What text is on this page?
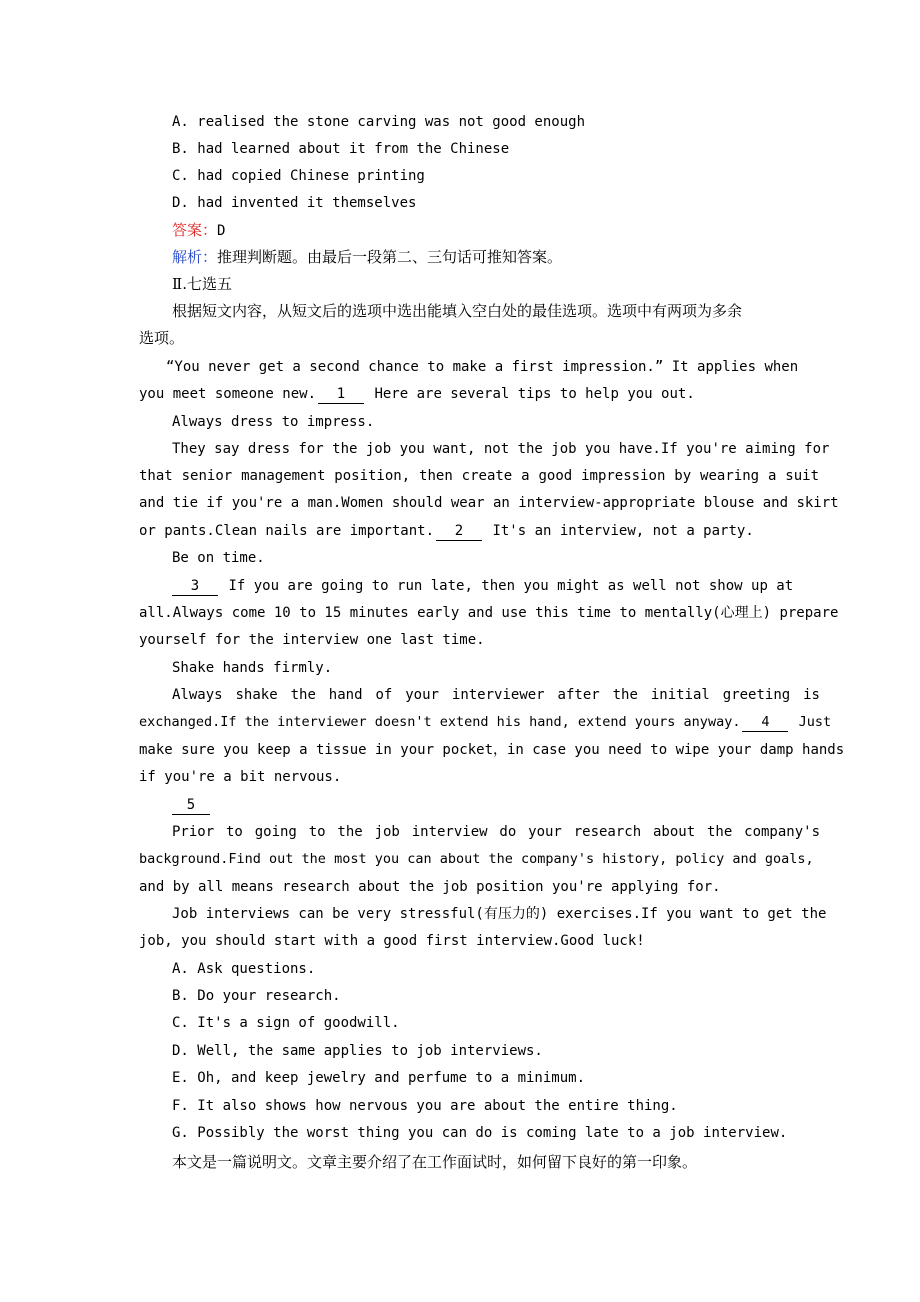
A. realised the stone carving was not good enough
B. had learned about it from the Chinese
C. had copied Chinese printing
D. had invented it themselves
答案：D
解析：推理判断题。由最后一段第二、三句话可推知答案。
Ⅱ.七选五
根据短文内容，从短文后的选项中选出能填入空白处的最佳选项。选项中有两项为多余
选项。
“You never get a second chance to make a first impression.” It applies when
you meet someone new. 1 Here are several tips to help you out.
Always dress to impress.
They say dress for the job you want, not the job you have.If you're aiming for
that senior management position, then create a good impression by wearing a suit
and tie if you're a man.Women should wear an interview-appropriate blouse and skirt
or pants.Clean nails are important. 2 It's an interview, not a party.
Be on time.
3 If you are going to run late, then you might as well not show up at
all.Always come 10 to 15 minutes early and use this time to mentally(心理上) prepare
yourself for the interview one last time.
Shake hands firmly.
Always shake the hand of your interviewer after the initial greeting is
exchanged.If the interviewer doesn't extend his hand, extend yours anyway. 4 Just
make sure you keep a tissue in your pocket，in case you need to wipe your damp hands
if you're a bit nervous.
5
Prior to going to the job interview do your research about the company's
background.Find out the most you can about the company's history, policy and goals,
and by all means research about the job position you're applying for.
Job interviews can be very stressful(有压力的) exercises.If you want to get the
job, you should start with a good first interview.Good luck!
A. Ask questions.
B. Do your research.
C. It's a sign of goodwill.
D. Well, the same applies to job interviews.
E. Oh, and keep jewelry and perfume to a minimum.
F. It also shows how nervous you are about the entire thing.
G. Possibly the worst thing you can do is coming late to a job interview.
本文是一篇说明文。文章主要介绍了在工作面试时，如何留下良好的第一印象。
